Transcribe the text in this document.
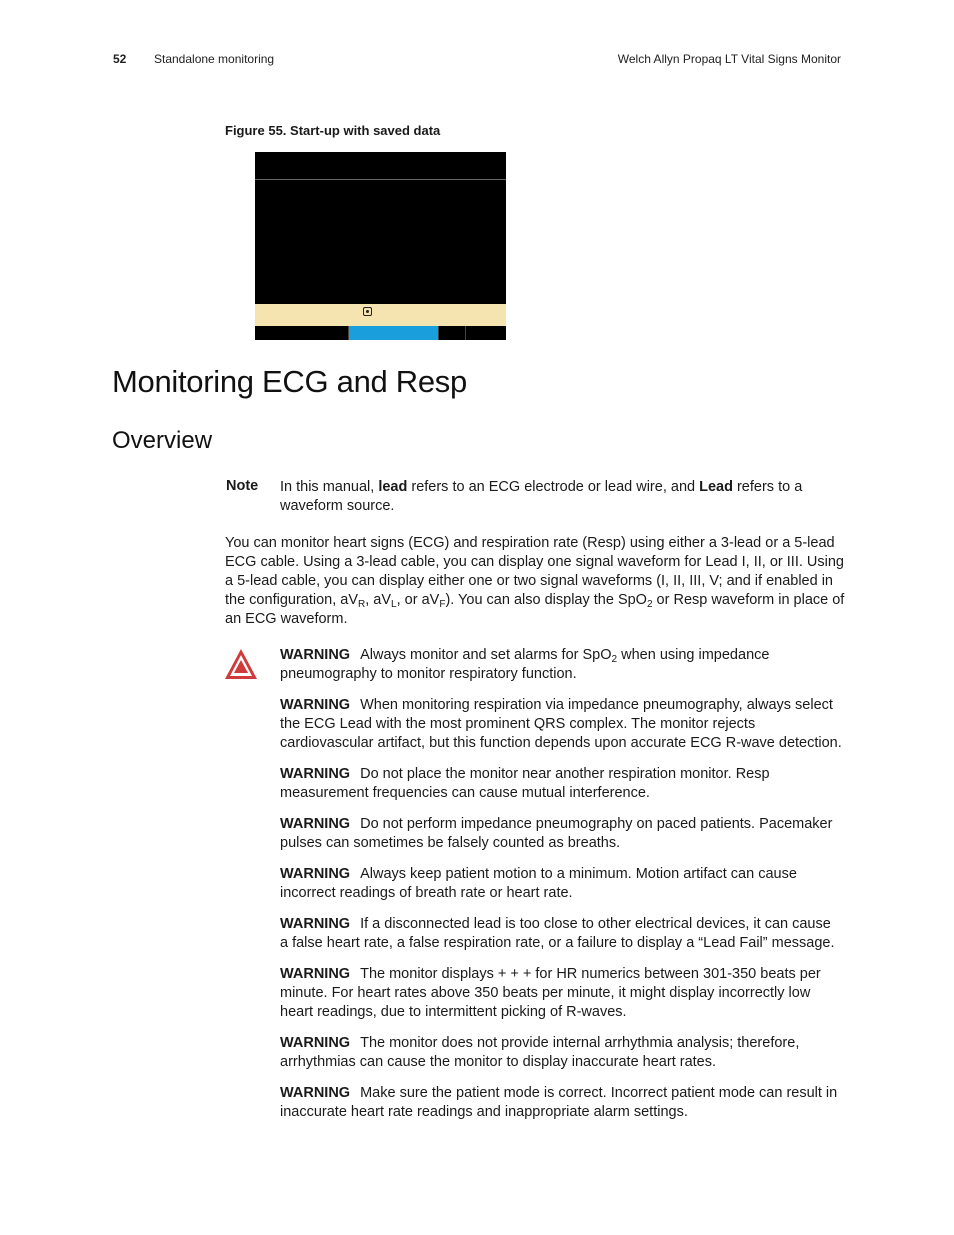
52 Standalone monitoring	Welch Allyn Propaq LT Vital Signs Monitor
Figure 55. Start-up with saved data
Monitoring ECG and Resp
Overview
Note In this manual, lead refers to an ECG electrode or lead wire, and Lead refers to a waveform source.
You can monitor heart signs (ECG) and respiration rate (Resp) using either a 3-lead or a 5-lead ECG cable. Using a 3-lead cable, you can display one signal waveform for Lead I, II, or III. Using a 5-lead cable, you can display either one or two signal waveforms (I, II, III, V; and if enabled in the configuration, $aV_R$, $aV_L$, or $aV_F$). You can also display the SpO$_2$ or Resp waveform in place of an ECG waveform.
WARNING Always monitor and set alarms for SpO$_2$ when using impedance pneumography to monitor respiratory function.
WARNING When monitoring respiration via impedance pneumography, always select the ECG Lead with the most prominent QRS complex. The monitor rejects cardiovascular artifact, but this function depends upon accurate ECG R-wave detection.
WARNING Do not place the monitor near another respiration monitor. Resp measurement frequencies can cause mutual interference.
WARNING Do not perform impedance pneumography on paced patients. Pacemaker pulses can sometimes be falsely counted as breaths.
WARNING Always keep patient motion to a minimum. Motion artifact can cause incorrect readings of breath rate or heart rate.
WARNING If a disconnected lead is too close to other electrical devices, it can cause a false heart rate, a false respiration rate, or a failure to display a “Lead Fail” message.
WARNING The monitor displays + + + for HR numerics between 301-350 beats per minute. For heart rates above 350 beats per minute, it might display incorrectly low heart readings, due to intermittent picking of R-waves.
WARNING The monitor does not provide internal arrhythmia analysis; therefore, arrhythmias can cause the monitor to display inaccurate heart rates.
WARNING Make sure the patient mode is correct. Incorrect patient mode can result in inaccurate heart rate readings and inappropriate alarm settings.
